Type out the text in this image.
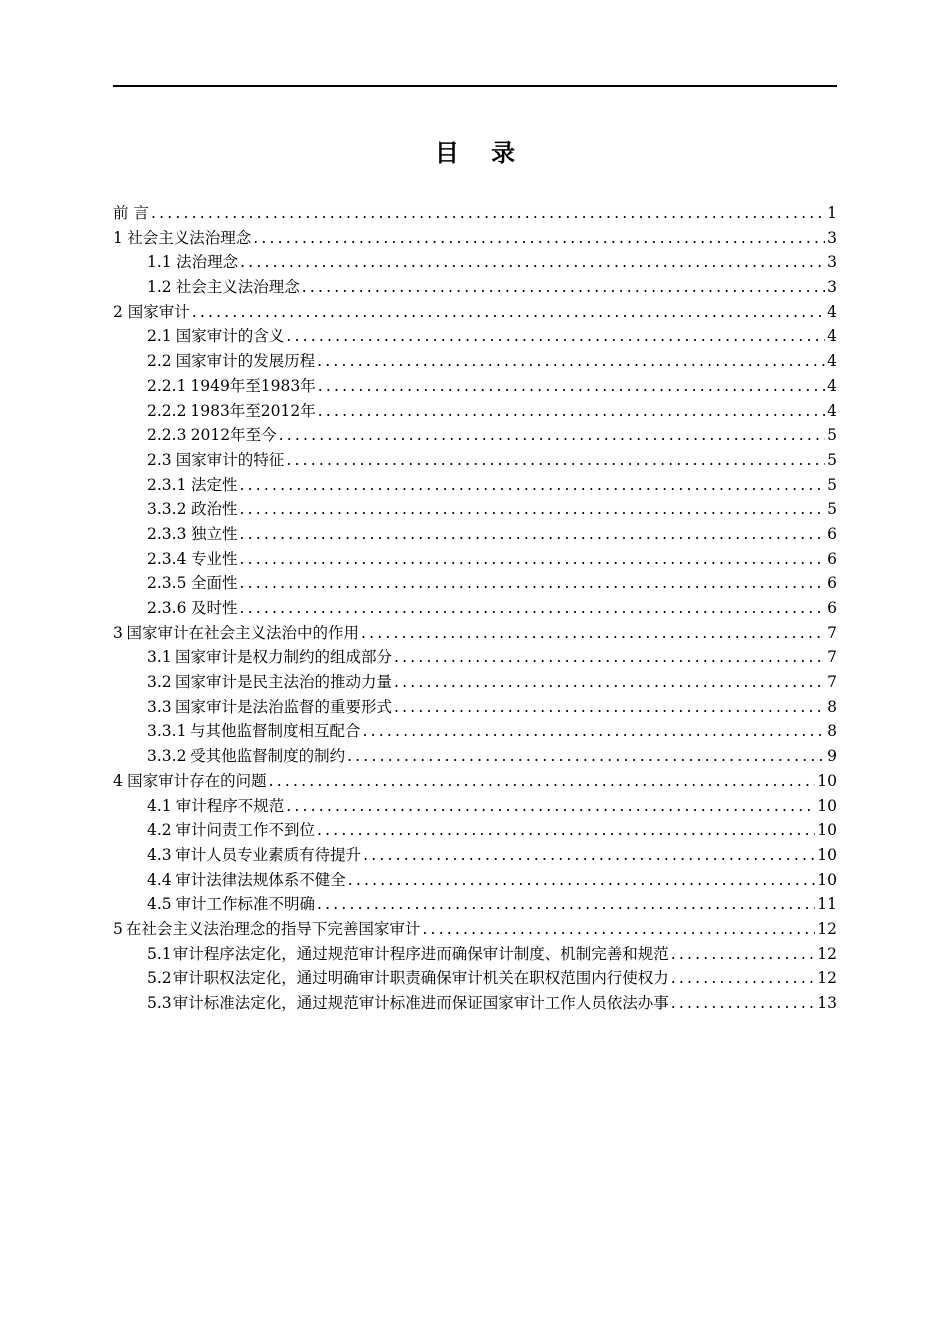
目 录
前 言 .....	1
1 社会主义法治理念 .....	3
1.1 法治理念 .....	3
1.2 社会主义法治理念 .....	3
2 国家审计 .....	4
2.1 国家审计的含义 .....	4
2.2 国家审计的发展历程 .....	4
2.2.1 1949年至1983年 .....	4
2.2.2 1983年至2012年 .....	4
2.2.3 2012年至今 .....	5
2.3 国家审计的特征 .....	5
2.3.1 法定性 .....	5
3.3.2 政治性 .....	5
2.3.3 独立性 .....	6
2.3.4 专业性 .....	6
2.3.5 全面性 .....	6
2.3.6 及时性 .....	6
3 国家审计在社会主义法治中的作用 .....	7
3.1 国家审计是权力制约的组成部分 .....	7
3.2 国家审计是民主法治的推动力量 .....	7
3.3 国家审计是法治监督的重要形式 .....	8
3.3.1 与其他监督制度相互配合 .....	8
3.3.2 受其他监督制度的制约 .....	9
4 国家审计存在的问题 .....	10
4.1 审计程序不规范 .....	10
4.2 审计问责工作不到位 .....	10
4.3 审计人员专业素质有待提升 .....	10
4.4 审计法律法规体系不健全 .....	10
4.5 审计工作标准不明确 .....	11
5 在社会主义法治理念的指导下完善国家审计 .....	12
5.1 审计程序法定化，通过规范审计程序进而确保审计制度、机制完善和规范 .....	12
5.2 审计职权法定化，通过明确审计职责确保审计机关在职权范围内行使权力 .....	12
5.3 审计标准法定化，通过规范审计标准进而保证国家审计工作人员依法办事 .....	13
